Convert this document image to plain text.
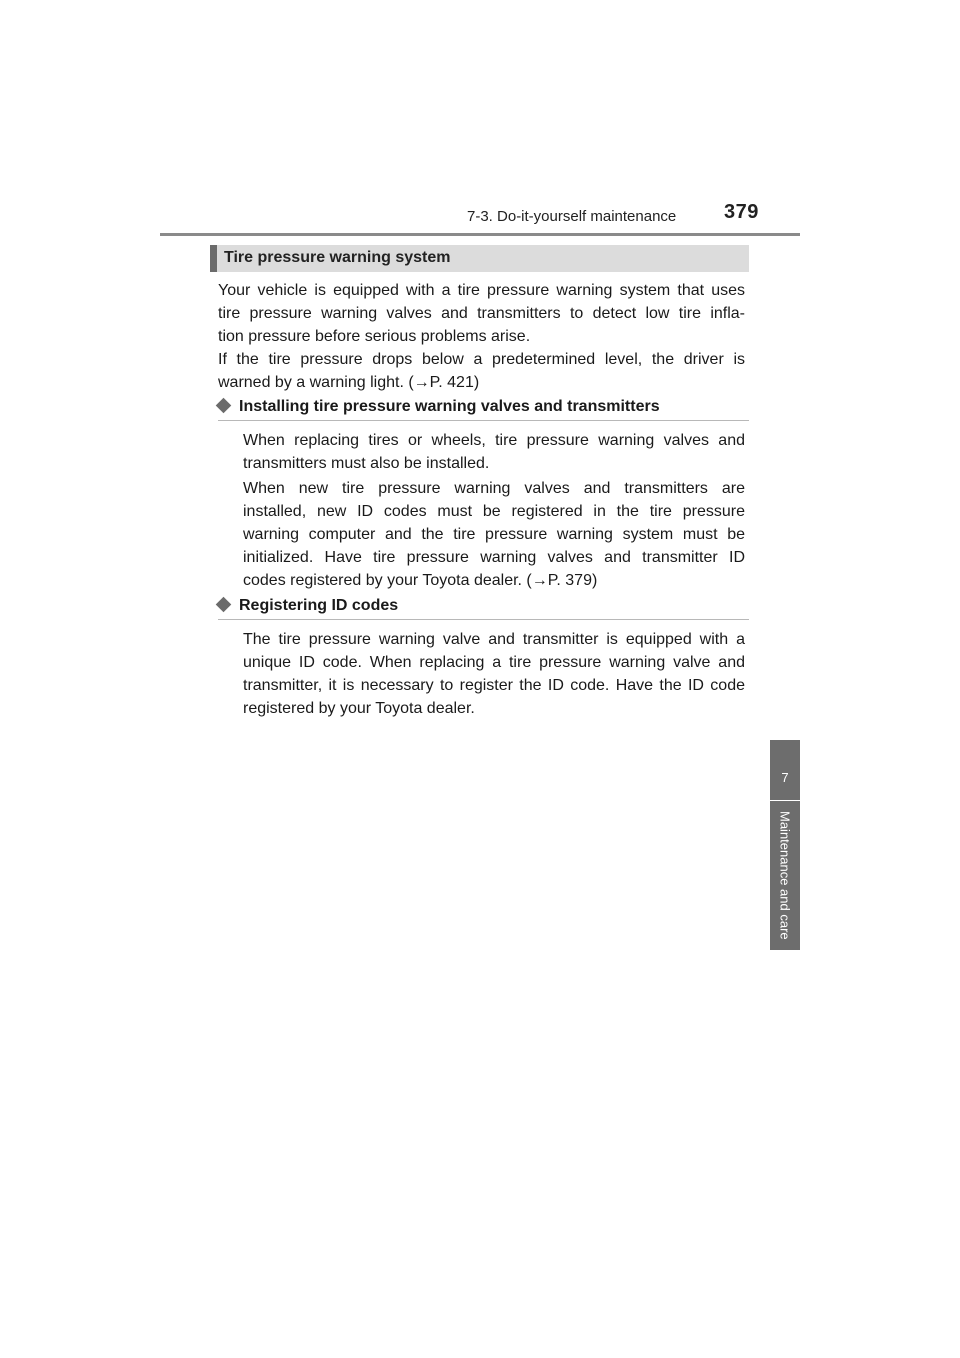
7-3. Do-it-yourself maintenance 379
7
Maintenance and care
Tire pressure warning system
Your vehicle is equipped with a tire pressure warning system that uses
tire pressure warning valves and transmitters to detect low tire infla-
tion pressure before serious problems arise.
If the tire pressure drops below a predetermined level, the driver is
warned by a warning light. (→P. 421)
Installing tire pressure warning valves and transmitters
When replacing tires or wheels, tire pressure warning valves and
transmitters must also be installed.
When new tire pressure warning valves and transmitters are
installed, new ID codes must be registered in the tire pressure
warning computer and the tire pressure warning system must be
initialized. Have tire pressure warning valves and transmitter ID
codes registered by your Toyota dealer. (→P. 379)
Registering ID codes
The tire pressure warning valve and transmitter is equipped with a
unique ID code. When replacing a tire pressure warning valve and
transmitter, it is necessary to register the ID code. Have the ID code
registered by your Toyota dealer.
